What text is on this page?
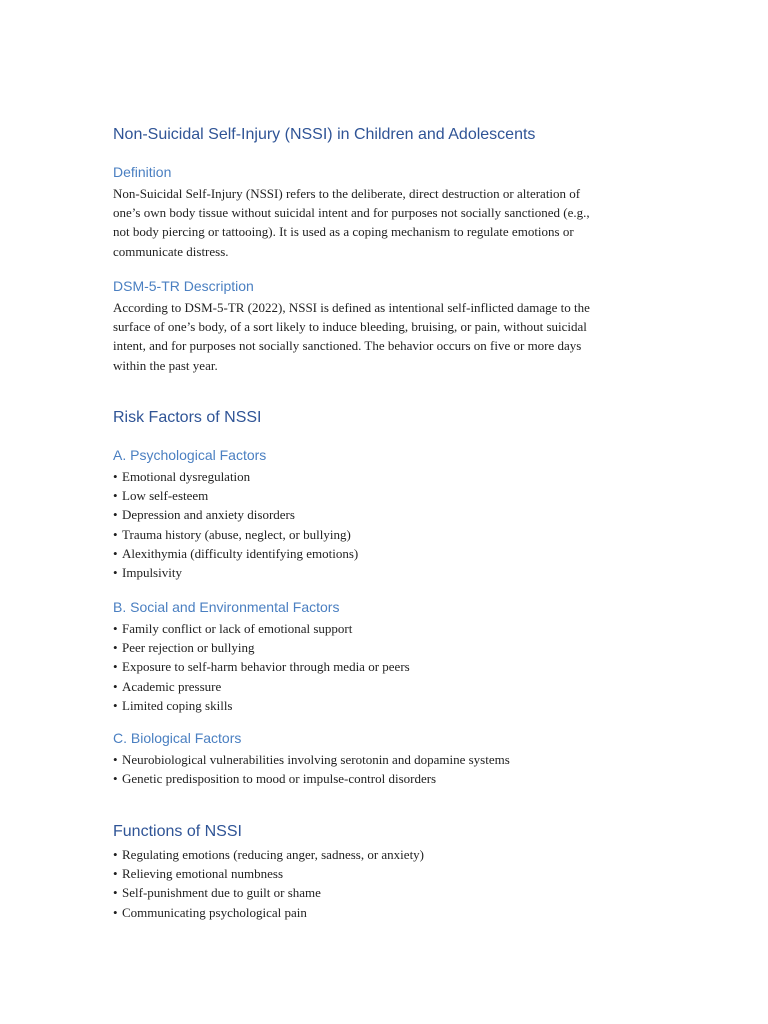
Non-Suicidal Self-Injury (NSSI) in Children and Adolescents
Definition

Non-Suicidal Self-Injury (NSSI) refers to the deliberate, direct destruction or alteration of
one’s own body tissue without suicidal intent and for purposes not socially sanctioned (e.g.,
not body piercing or tattooing). It is used as a coping mechanism to regulate emotions or
communicate distress.

DSM-5-TR Description

According to DSM-5-TR (2022), NSSI is defined as intentional self-inflicted damage to the
surface of one’s body, of a sort likely to induce bleeding, bruising, or pain, without suicidal
intent, and for purposes not socially sanctioned. The behavior occurs on five or more days
within the past year.

Risk Factors of NSSI
A. Psychological Factors
• Emotional dysregulation
• Low self-esteem
• Depression and anxiety disorders
• Trauma history (abuse, neglect, or bullying)
• Alexithymia (difficulty identifying emotions)
• Impulsivity
B. Social and Environmental Factors
• Family conflict or lack of emotional support
• Peer rejection or bullying
• Exposure to self-harm behavior through media or peers
• Academic pressure
• Limited coping skills
C. Biological Factors
• Neurobiological vulnerabilities involving serotonin and dopamine systems
• Genetic predisposition to mood or impulse-control disorders
Functions of NSSI
• Regulating emotions (reducing anger, sadness, or anxiety)
• Relieving emotional numbness
• Self-punishment due to guilt or shame
• Communicating psychological pain
